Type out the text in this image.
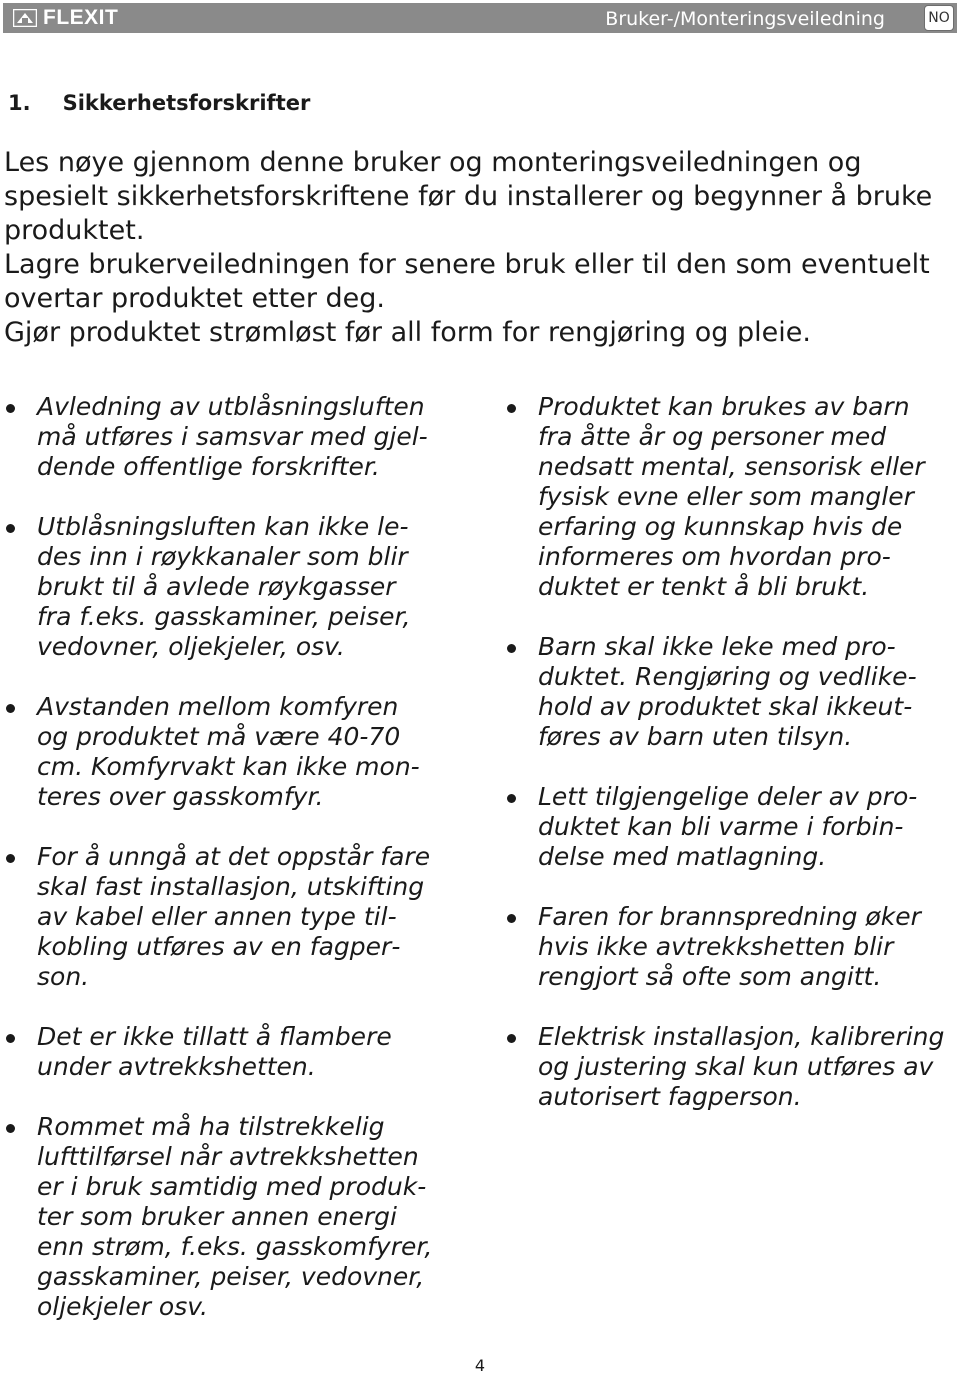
FLEXIT	Bruker-/Monteringsveiledning	NO
1. Sikkerhetsforskrifter

Les nøye gjennom denne bruker og monteringsveiledningen og spesielt sikkerhetsforskriftene før du installerer og begynner å bruke produktet.

Lagre brukerveiledningen for senere bruk eller til den som eventuelt overtar produktet etter deg.

Gjør produktet strømløst før all form for rengjøring og pleie.

Avledning av utblåsningsluften må utføres i samsvar med gjeldende offentlige forskrifter.
Utblåsningsluften kan ikke ledes inn i røykkanaler som blir brukt til å avlede røykgasser fra f.eks. gasskaminer, peiser, vedovner, oljekjeler, osv.
Avstanden mellom komfyren og produktet må være 40-70 cm. Komfyrvakt kan ikke monteres over gasskomfyr.
For å unngå at det oppstår fare skal fast installasjon, utskifting av kabel eller annen type tilkobling utføres av en fagperson.
Det er ikke tillatt å flambere under avtrekkshetten.
Rommet må ha tilstrekkelig lufttilførsel når avtrekkshetten er i bruk samtidig med produkter som bruker annen energi enn strøm, f.eks. gasskomfyrer, gasskaminer, peiser, vedovner, oljekjeler osv.
Produktet kan brukes av barn fra åtte år og personer med nedsatt mental, sensorisk eller fysisk evne eller som mangler erfaring og kunnskap hvis de informeres om hvordan produktet er tenkt å bli brukt.
Barn skal ikke leke med produktet. Rengjøring og vedlikehold av produktet skal ikkeutføres av barn uten tilsyn.
Lett tilgjengelige deler av produktet kan bli varme i forbindelse med matlagning.
Faren for brannspredning øker hvis ikke avtrekkshetten blir rengjort så ofte som angitt.
Elektrisk installasjon, kalibrering og justering skal kun utføres av autorisert fagperson.
4
